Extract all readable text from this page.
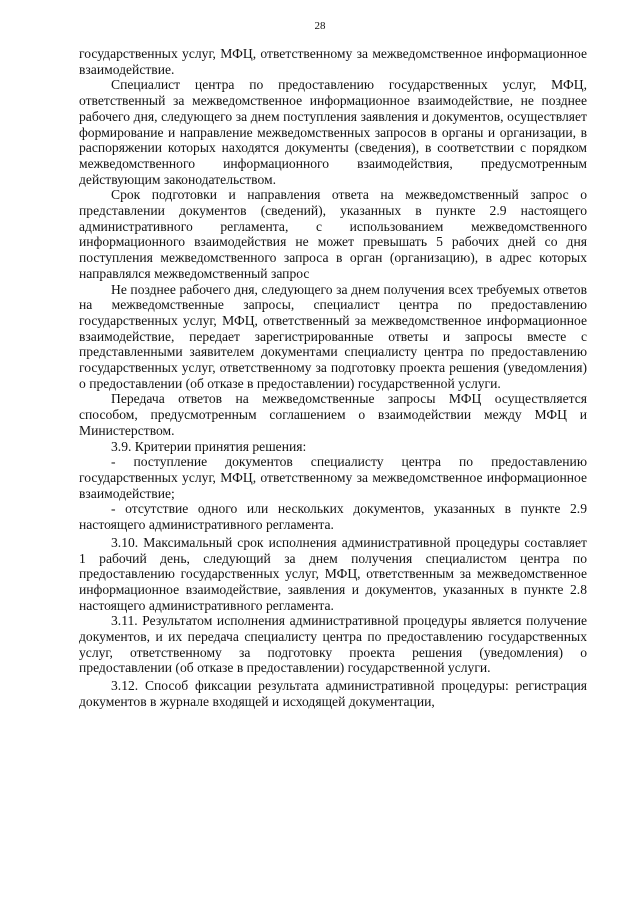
28

государственных услуг, МФЦ, ответственному за межведомственное информационное взаимодействие.

Специалист центра по предоставлению государственных услуг, МФЦ, ответственный за межведомственное информационное взаимодействие, не позднее рабочего дня, следующего за днем поступления заявления и документов, осуществляет формирование и направление межведомственных запросов в органы и организации, в распоряжении которых находятся документы (сведения), в соответствии с порядком межведомственного информационного взаимодействия, предусмотренным действующим законодательством.

Срок подготовки и направления ответа на межведомственный запрос о представлении документов (сведений), указанных в пункте 2.9 настоящего административного регламента, с использованием межведомственного информационного взаимодействия не может превышать 5 рабочих дней со дня поступления межведомственного запроса в орган (организацию), в адрес которых направлялся межведомственный запрос

Не позднее рабочего дня, следующего за днем получения всех требуемых ответов на межведомственные запросы, специалист центра по предоставлению государственных услуг, МФЦ, ответственный за межведомственное информационное взаимодействие, передает зарегистрированные ответы и запросы вместе с представленными заявителем документами специалисту центра по предоставлению государственных услуг, ответственному за подготовку проекта решения (уведомления) о предоставлении (об отказе в предоставлении) государственной услуги.

Передача ответов на межведомственные запросы МФЦ осуществляется способом, предусмотренным соглашением о взаимодействии между МФЦ и Министерством.

3.9. Критерии принятия решения:

- поступление документов специалисту центра по предоставлению государственных услуг, МФЦ, ответственному за межведомственное информационное взаимодействие;

- отсутствие одного или нескольких документов, указанных в пункте 2.9 настоящего административного регламента.

3.10. Максимальный срок исполнения административной процедуры составляет 1 рабочий день, следующий за днем получения специалистом центра по предоставлению государственных услуг, МФЦ, ответственным за межведомственное информационное взаимодействие, заявления и документов, указанных в пункте 2.8 настоящего административного регламента.

3.11. Результатом исполнения административной процедуры является получение документов, и их передача специалисту центра по предоставлению государственных услуг, ответственному за подготовку проекта решения (уведомления) о предоставлении (об отказе в предоставлении) государственной услуги.

3.12. Способ фиксации результата административной процедуры: регистрация документов в журнале входящей и исходящей документации,
